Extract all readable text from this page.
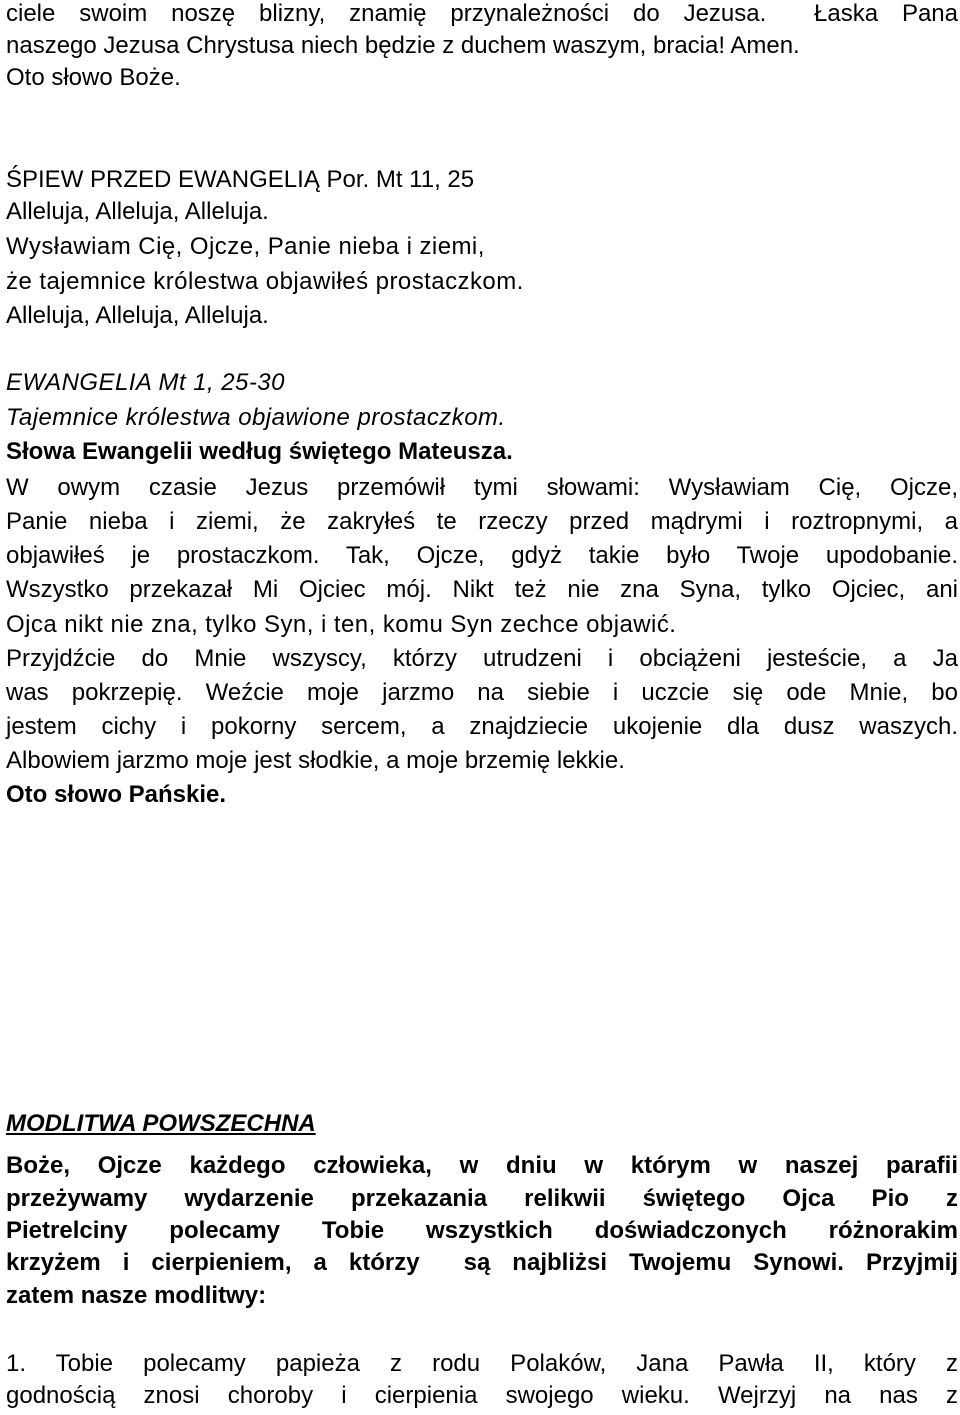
ciele swoim noszę blizny, znamię przynależności do Jezusa.  Łaska Pana
naszego Jezusa Chrystusa niech będzie z duchem waszym, bracia! Amen.
Oto słowo Boże.
ŚPIEW PRZED EWANGELIĄ Por. Mt 11, 25
Alleluja, Alleluja, Alleluja.
Wysławiam Cię, Ojcze, Panie nieba i ziemi,
że tajemnice królestwa objawiłeś prostaczkom.
Alleluja, Alleluja, Alleluja.
EWANGELIA Mt 1, 25-30
Tajemnice królestwa objawione prostaczkom.
Słowa Ewangelii według świętego Mateusza.
W owym czasie Jezus przemówił tymi słowami: Wysławiam Cię, Ojcze,
Panie nieba i ziemi, że zakryłeś te rzeczy przed mądrymi i roztropnymi, a
objawiłeś je prostaczkom. Tak, Ojcze, gdyż takie było Twoje upodobanie.
Wszystko przekazał Mi Ojciec mój. Nikt też nie zna Syna, tylko Ojciec, ani
Ojca nikt nie zna, tylko Syn, i ten, komu Syn zechce objawić.
Przyjdźcie do Mnie wszyscy, którzy utrudzeni i obciążeni jesteście, a Ja
was pokrzepię. Weźcie moje jarzmo na siebie i uczcie się ode Mnie, bo
jestem cichy i pokorny sercem, a znajdziecie ukojenie dla dusz waszych.
Albowiem jarzmo moje jest słodkie, a moje brzemię lekkie.
Oto słowo Pańskie.
MODLITWA POWSZECHNA
Boże, Ojcze każdego człowieka, w dniu w którym w naszej parafii
przeżywamy wydarzenie przekazania relikwii świętego Ojca Pio z
Pietrelciny polecamy Tobie wszystkich doświadczonych różnorakim
krzyżem i cierpieniem, a którzy  są najbliżsi Twojemu Synowi. Przyjmij
zatem nasze modlitwy:
1. Tobie polecamy papieża z rodu Polaków, Jana Pawła II, który z
godnością znosi choroby i cierpienia swojego wieku. Wejrzyj na nas z
